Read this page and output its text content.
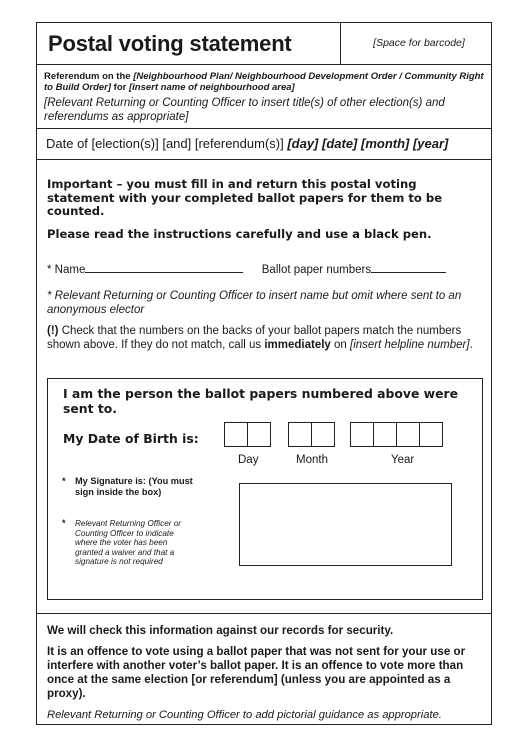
Postal voting statement	[Space for barcode]
Referendum on the [Neighbourhood Plan/ Neighbourhood Development Order / Community Right to Build Order] for [insert name of neighbourhood area]
[Relevant Returning or Counting Officer to insert title(s) of other election(s) and referendums as appropriate]
Date of [election(s)] [and] [referendum(s)] [day] [date] [month] [year]
Important – you must fill in and return this postal voting statement with your completed ballot papers for them to be counted.
Please read the instructions carefully and use a black pen.
* Name	Ballot paper numbers
* Relevant Returning or Counting Officer to insert name but omit where sent to an anonymous elector
(!) Check that the numbers on the backs of your ballot papers match the numbers shown above. If they do not match, call us immediately on [insert helpline number].
I am the person the ballot papers numbered above were sent to.
My Date of Birth is:
Day	Month	Year
* My Signature is: (You must sign inside the box)
* Relevant Returning Officer or Counting Officer to indicate where the voter has been granted a waiver and that a signature is not required
We will check this information against our records for security.
It is an offence to vote using a ballot paper that was not sent for your use or interfere with another voter’s ballot paper. It is an offence to vote more than once at the same election [or referendum] (unless you are appointed as a proxy).
Relevant Returning or Counting Officer to add pictorial guidance as appropriate.
